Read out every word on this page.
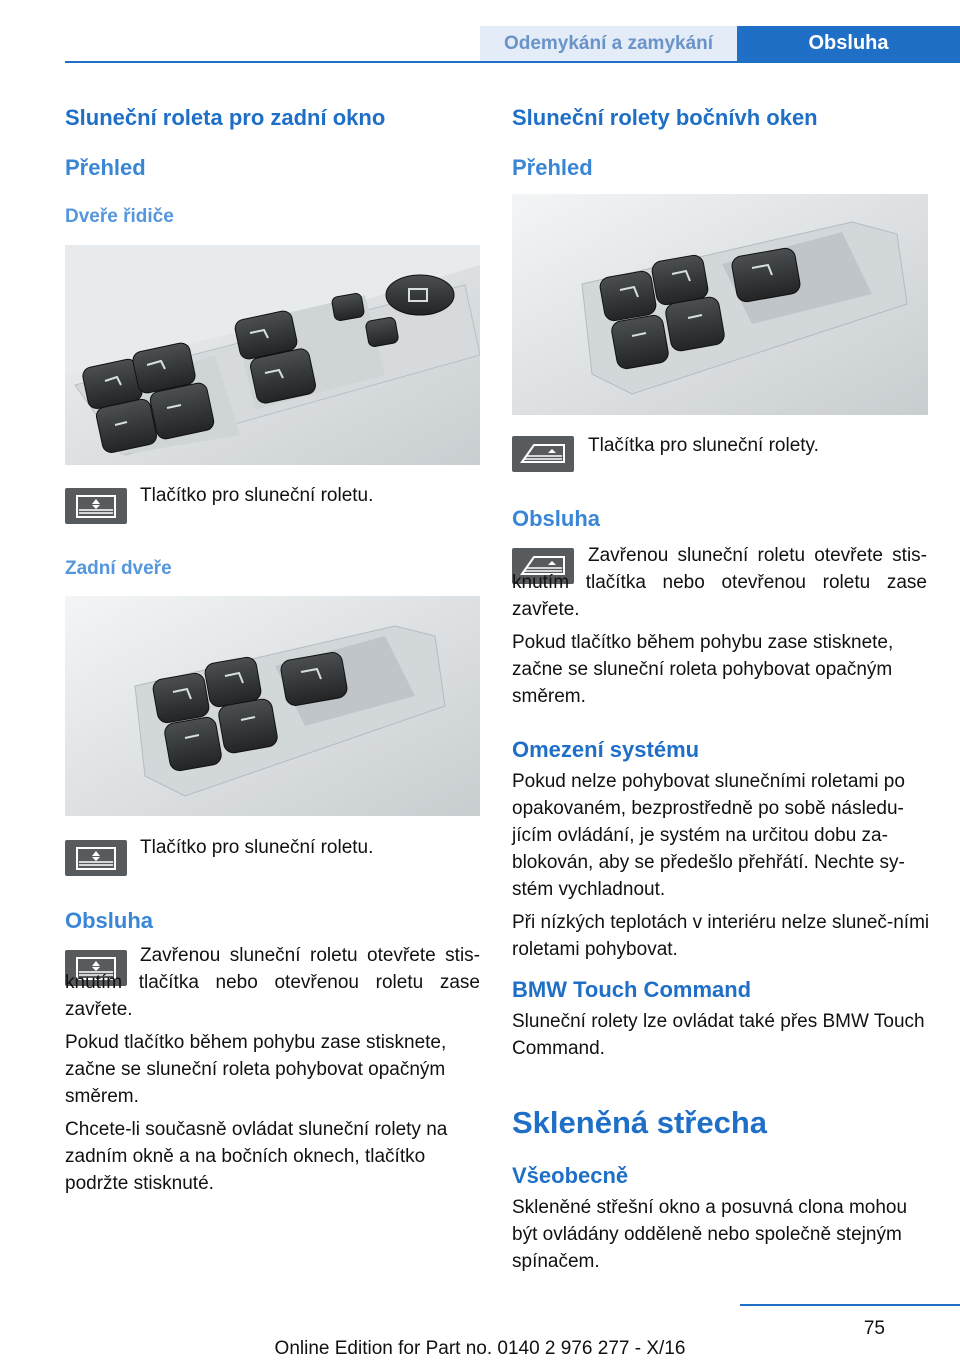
Odemykání a zamykání	Obsluha
Sluneční roleta pro zadní okno
Přehled
Dveře řidiče
Tlačítko pro sluneční roletu.
Zadní dveře
Tlačítko pro sluneční roletu.
Obsluha

Zavřenou sluneční roletu otevřete stis‐knutím tlačítka nebo otevřenou roletu zase zavřete.

Pokud tlačítko během pohybu zase stisknete, začne se sluneční roleta pohybovat opačným směrem.

Chcete-li současně ovládat sluneční rolety na zadním okně a na bočních oknech, tlačítko podržte stisknuté.

Sluneční rolety bočnívh oken
Přehled
Tlačítka pro sluneční rolety.
Obsluha

Zavřenou sluneční roletu otevřete stis‐knutím tlačítka nebo otevřenou roletu zase zavřete.

Pokud tlačítko během pohybu zase stisknete, začne se sluneční roleta pohybovat opačným směrem.

Omezení systému

Pokud nelze pohybovat slunečními roletami po opakovaném, bezprostředně po sobě následu‐jícím ovládání, je systém na určitou dobu za‐blokován, aby se předešlo přehřátí. Nechte sy‐stém vychladnout.

Při nízkých teplotách v interiéru nelze sluneč‐ními roletami pohybovat.

BMW Touch Command

Sluneční rolety lze ovládat také přes BMW Touch Command.

Skleněná střecha
Všeobecně

Skleněné střešní okno a posuvná clona mohou být ovládány odděleně nebo společně stejným spínačem.

75
Online Edition for Part no. 0140 2 976 277 - X/16
